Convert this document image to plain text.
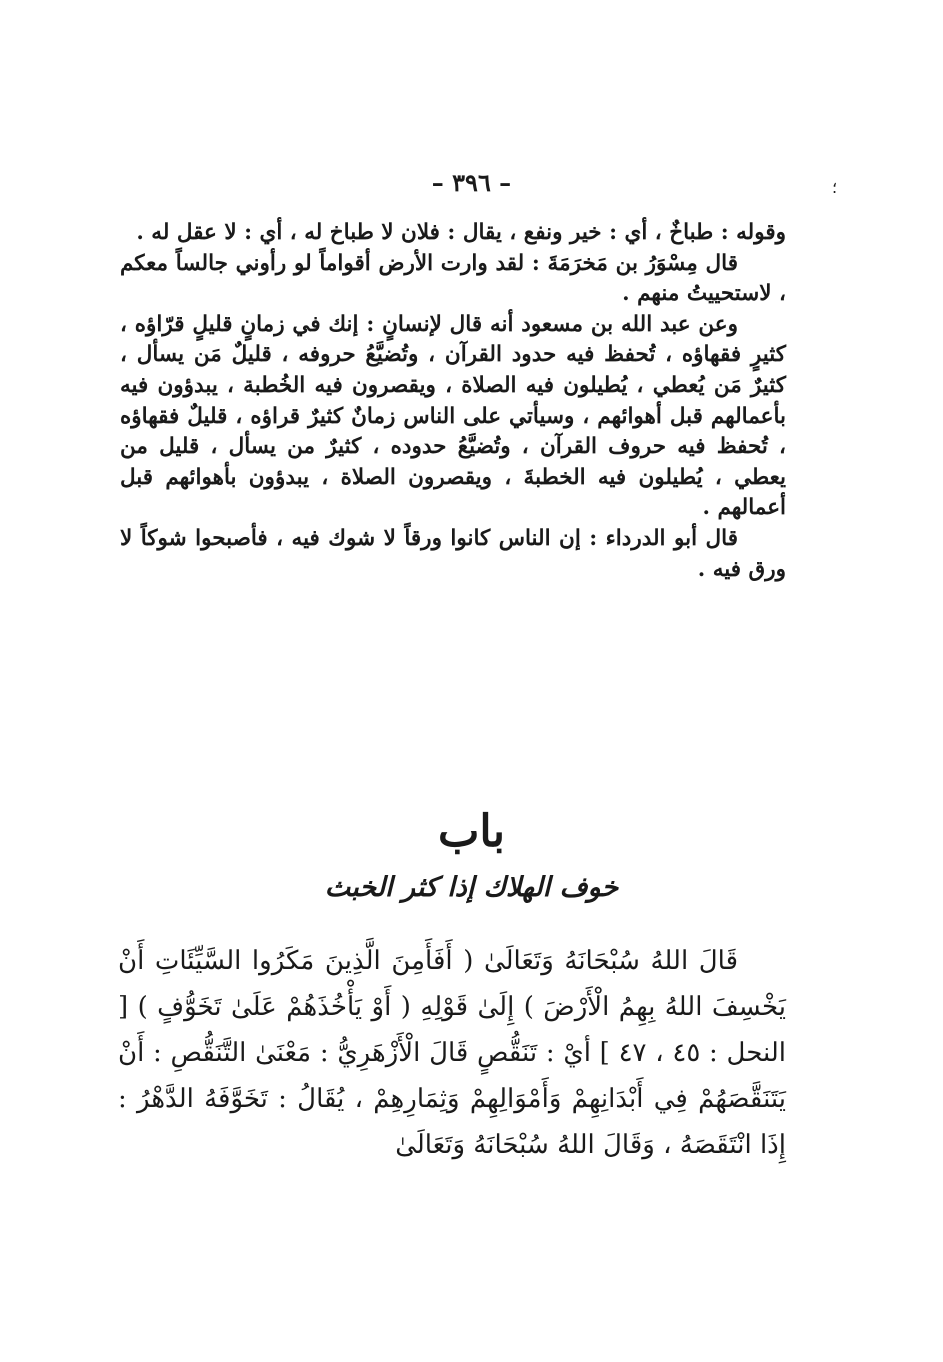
؛
– ٣٩٦ –

وقوله : طباخٌ ، أي : خير ونفع ، يقال : فلان لا طباخ له ، أي : لا عقل له .

قال مِسْوَرُ بن مَخرَمَةَ : لقد وارت الأرض أقواماً لو رأوني جالساً معكم ، لاستحييتُ منهم .

وعن عبد الله بن مسعود أنه قال لإنسانٍ : إنك في زمانٍ قليلٍ قرّاؤه ، كثيرٍ فقهاؤه ، تُحفظ فيه حدود القرآن ، وتُضيَّعُ حروفه ، قليلٌ مَن يسأل ، كثيرٌ مَن يُعطي ، يُطيلون فيه الصلاة ، ويقصرون فيه الخُطبة ، يبدؤون فيه بأعمالهم قبل أهوائهم ، وسيأتي على الناس زمانٌ كثيرٌ قراؤه ، قليلٌ فقهاؤه ، تُحفظ فيه حروف القرآن ، وتُضيَّعُ حدوده ، كثيرٌ من يسأل ، قليل من يعطي ، يُطيلون فيه الخطبةَ ، ويقصرون الصلاة ، يبدؤون بأهوائهم قبل أعمالهم .

قال أبو الدرداء : إن الناس كانوا ورقاً لا شوك فيه ، فأصبحوا شوكاً لا ورق فيه .

باب
خوف الهلاك إذا كثر الخبث

قَالَ اللهُ سُبْحَانَهُ وَتَعَالَىٰ ( أَفَأَمِنَ الَّذِينَ مَكَرُوا السَّيِّئَاتِ أَنْ يَخْسِفَ اللهُ بِهِمُ الْأَرْضَ ) إِلَىٰ قَوْلِهِ ( أَوْ يَأْخُذَهُمْ عَلَىٰ تَخَوُّفٍ ) [ النحل : ٤٥ ، ٤٧ ] أيْ : تَنَقُّصٍ قَالَ الْأَزْهَرِيُّ : مَعْنَىٰ التَّنَقُّصِ : أَنْ يَتَنَقَّصَهُمْ فِي أَبْدَانِهِمْ وَأَمْوَالِهِمْ وَثِمَارِهِمْ ، يُقَالُ : تَخَوَّفَهُ الدَّهْرُ : إِذَا انْتَقَصَهُ ، وَقَالَ اللهُ سُبْحَانَهُ وَتَعَالَىٰ
